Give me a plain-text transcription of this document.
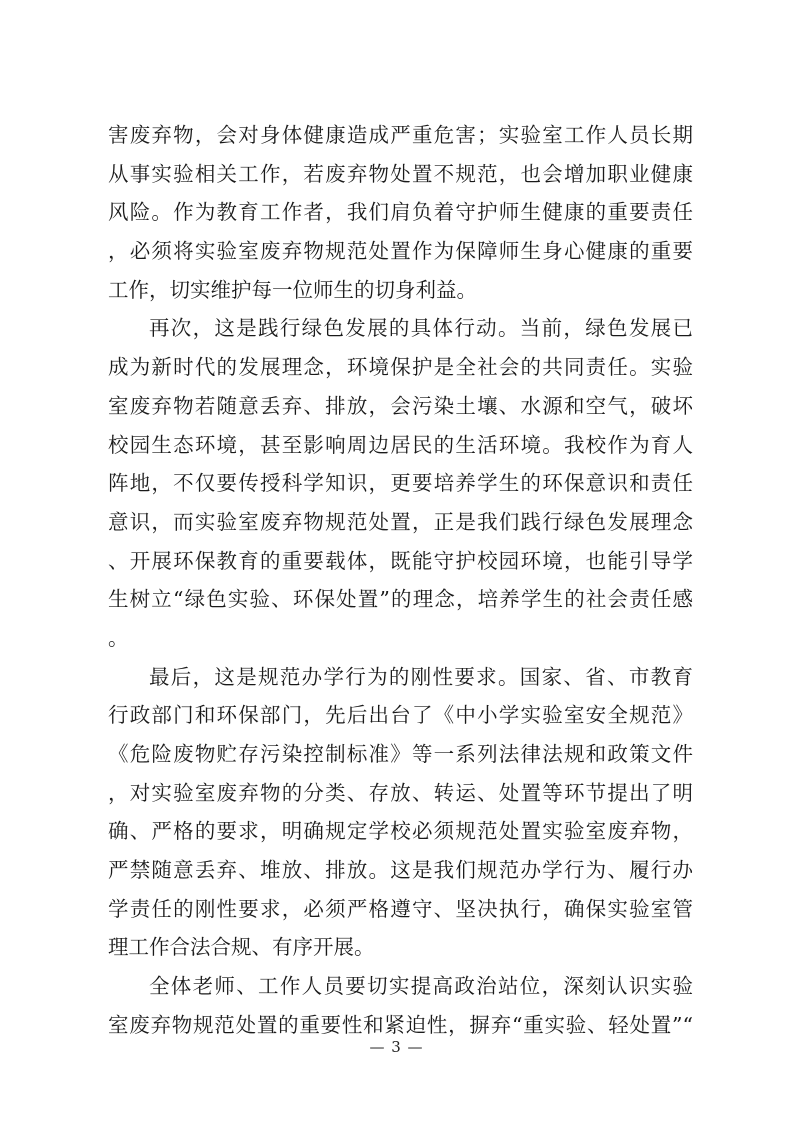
害废弃物，会对身体健康造成严重危害；实验室工作人员长期
从事实验相关工作，若废弃物处置不规范，也会增加职业健康
风险。作为教育工作者，我们肩负着守护师生健康的重要责任
，必须将实验室废弃物规范处置作为保障师生身心健康的重要
工作，切实维护每一位师生的切身利益。
再次，这是践行绿色发展的具体行动。当前，绿色发展已
成为新时代的发展理念，环境保护是全社会的共同责任。实验
室废弃物若随意丢弃、排放，会污染土壤、水源和空气，破坏
校园生态环境，甚至影响周边居民的生活环境。我校作为育人
阵地，不仅要传授科学知识，更要培养学生的环保意识和责任
意识，而实验室废弃物规范处置，正是我们践行绿色发展理念
、开展环保教育的重要载体，既能守护校园环境，也能引导学
生树立“绿色实验、环保处置”的理念，培养学生的社会责任感
。
最后，这是规范办学行为的刚性要求。国家、省、市教育
行政部门和环保部门，先后出台了《中小学实验室安全规范》
《危险废物贮存污染控制标准》等一系列法律法规和政策文件
，对实验室废弃物的分类、存放、转运、处置等环节提出了明
确、严格的要求，明确规定学校必须规范处置实验室废弃物，
严禁随意丢弃、堆放、排放。这是我们规范办学行为、履行办
学责任的刚性要求，必须严格遵守、坚决执行，确保实验室管
理工作合法合规、有序开展。
全体老师、工作人员要切实提高政治站位，深刻认识实验
室废弃物规范处置的重要性和紧迫性，摒弃“重实验、轻处置”“
— 3 —
